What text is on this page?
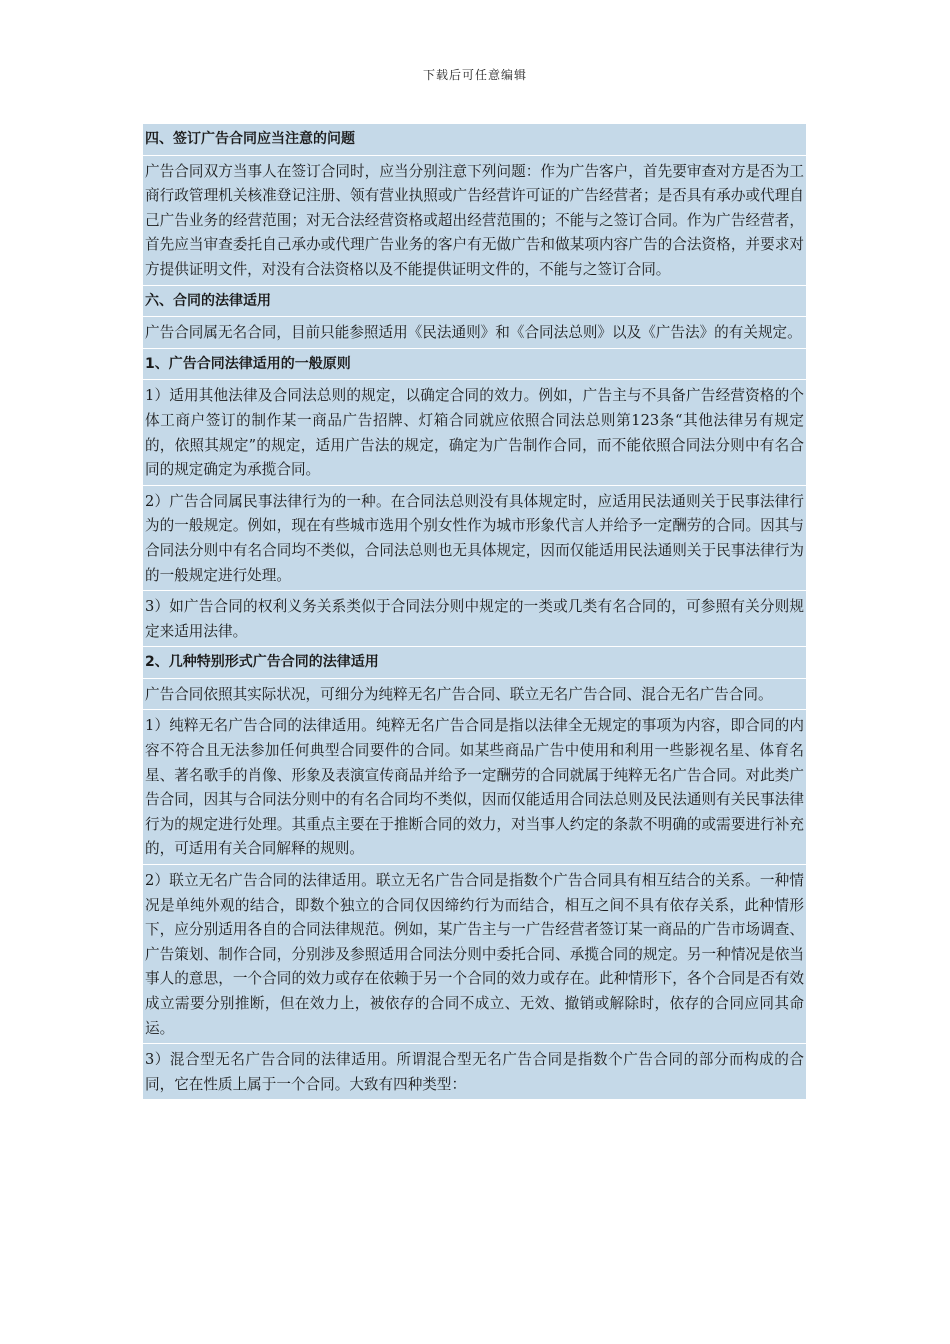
下载后可任意编辑
四、签订广告合同应当注意的问题
广告合同双方当事人在签订合同时，应当分别注意下列问题：作为广告客户，首先要审查对方是否为工商行政管理机关核准登记注册、领有营业执照或广告经营许可证的广告经营者；是否具有承办或代理自己广告业务的经营范围；对无合法经营资格或超出经营范围的；不能与之签订合同。作为广告经营者，首先应当审查委托自己承办或代理广告业务的客户有无做广告和做某项内容广告的合法资格，并要求对方提供证明文件，对没有合法资格以及不能提供证明文件的，不能与之签订合同。
六、合同的法律适用
广告合同属无名合同，目前只能参照适用《民法通则》和《合同法总则》以及《广告法》的有关规定。
1、广告合同法律适用的一般原则
1）适用其他法律及合同法总则的规定，以确定合同的效力。例如，广告主与不具备广告经营资格的个体工商户签订的制作某一商品广告招牌、灯箱合同就应依照合同法总则第123条“其他法律另有规定的，依照其规定”的规定，适用广告法的规定，确定为广告制作合同，而不能依照合同法分则中有名合同的规定确定为承揽合同。
2）广告合同属民事法律行为的一种。在合同法总则没有具体规定时，应适用民法通则关于民事法律行为的一般规定。例如，现在有些城市选用个别女性作为城市形象代言人并给予一定酬劳的合同。因其与合同法分则中有名合同均不类似，合同法总则也无具体规定，因而仅能适用民法通则关于民事法律行为的一般规定进行处理。
3）如广告合同的权利义务关系类似于合同法分则中规定的一类或几类有名合同的，可参照有关分则规定来适用法律。
2、几种特别形式广告合同的法律适用
广告合同依照其实际状况，可细分为纯粹无名广告合同、联立无名广告合同、混合无名广告合同。
1）纯粹无名广告合同的法律适用。纯粹无名广告合同是指以法律全无规定的事项为内容，即合同的内容不符合且无法参加任何典型合同要件的合同。如某些商品广告中使用和利用一些影视名星、体育名星、著名歌手的肖像、形象及表演宣传商品并给予一定酬劳的合同就属于纯粹无名广告合同。对此类广告合同，因其与合同法分则中的有名合同均不类似，因而仅能适用合同法总则及民法通则有关民事法律行为的规定进行处理。其重点主要在于推断合同的效力，对当事人约定的条款不明确的或需要进行补充的，可适用有关合同解释的规则。
2）联立无名广告合同的法律适用。联立无名广告合同是指数个广告合同具有相互结合的关系。一种情况是单纯外观的结合，即数个独立的合同仅因缔约行为而结合，相互之间不具有依存关系，此种情形下，应分别适用各自的合同法律规范。例如，某广告主与一广告经营者签订某一商品的广告市场调查、广告策划、制作合同，分别涉及参照适用合同法分则中委托合同、承揽合同的规定。另一种情况是依当事人的意思，一个合同的效力或存在依赖于另一个合同的效力或存在。此种情形下，各个合同是否有效成立需要分别推断，但在效力上，被依存的合同不成立、无效、撤销或解除时，依存的合同应同其命运。
3）混合型无名广告合同的法律适用。所谓混合型无名广告合同是指数个广告合同的部分而构成的合同，它在性质上属于一个合同。大致有四种类型：
